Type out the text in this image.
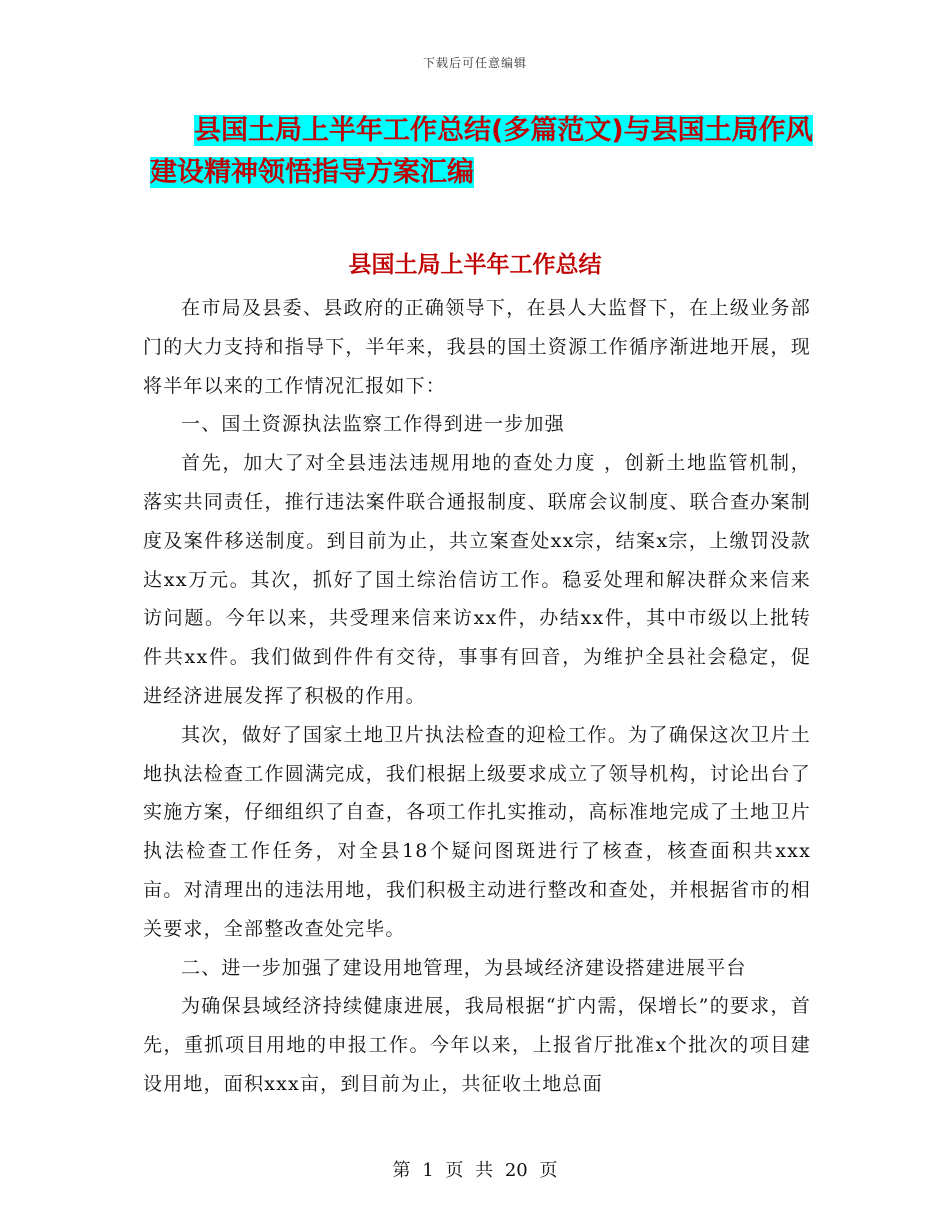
下载后可任意编辑
县国土局上半年工作总结(多篇范文)与县国土局作风
建设精神领悟指导方案汇编
县国土局上半年工作总结

在市局及县委、县政府的正确领导下，在县人大监督下，在上级业务部门的大力支持和指导下，半年来，我县的国土资源工作循序渐进地开展，现将半年以来的工作情况汇报如下：

一、国土资源执法监察工作得到进一步加强

首先，加大了对全县违法违规用地的查处力度 ，创新土地监管机制，落实共同责任，推行违法案件联合通报制度、联席会议制度、联合查办案制度及案件移送制度。到目前为止，共立案查处xx宗，结案x宗，上缴罚没款达xx万元。其次，抓好了国土综治信访工作。稳妥处理和解决群众来信来访问题。今年以来，共受理来信来访xx件，办结xx件，其中市级以上批转件共xx件。我们做到件件有交待，事事有回音，为维护全县社会稳定，促进经济进展发挥了积极的作用。

其次，做好了国家土地卫片执法检查的迎检工作。为了确保这次卫片土地执法检查工作圆满完成，我们根据上级要求成立了领导机构，讨论出台了实施方案，仔细组织了自查，各项工作扎实推动，高标准地完成了土地卫片执法检查工作任务，对全县18个疑问图斑进行了核查，核查面积共xxx亩。对清理出的违法用地，我们积极主动进行整改和查处，并根据省市的相关要求，全部整改查处完毕。

二、进一步加强了建设用地管理，为县域经济建设搭建进展平台

为确保县域经济持续健康进展，我局根据“扩内需，保增长”的要求，首先，重抓项目用地的申报工作。今年以来，上报省厅批准x个批次的项目建设用地，面积xxx亩，到目前为止，共征收土地总面

第 1 页 共 20 页
